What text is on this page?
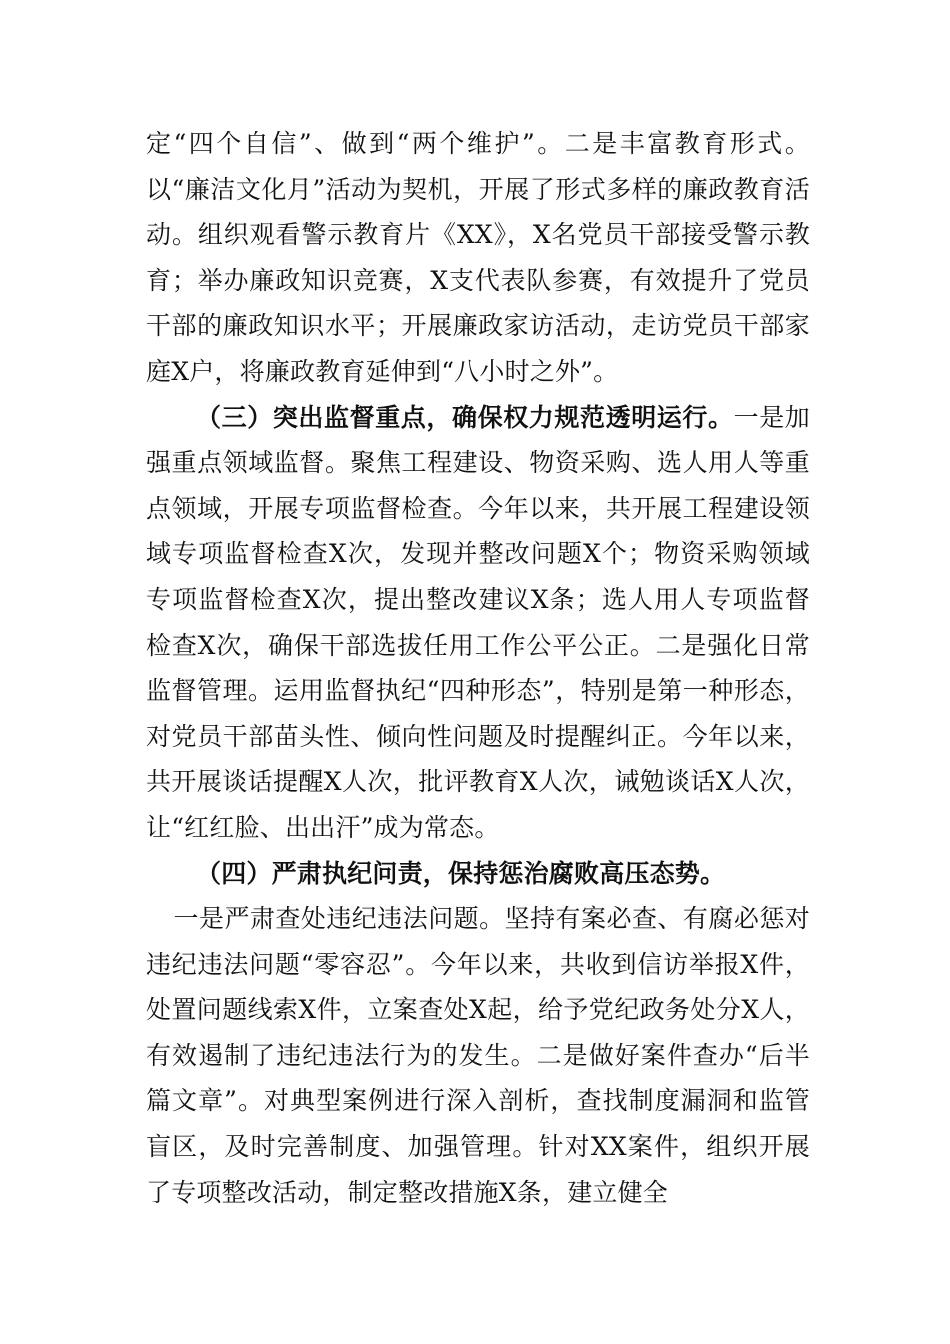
定“四个自信”、做到“两个维护”。二是丰富教育形式。以“廉洁文化月”活动为契机，开展了形式多样的廉政教育活动。组织观看警示教育片《XX》，X名党员干部接受警示教育；举办廉政知识竞赛，X支代表队参赛，有效提升了党员干部的廉政知识水平；开展廉政家访活动，走访党员干部家庭X户，将廉政教育延伸到“八小时之外”。

（三）突出监督重点，确保权力规范透明运行。一是加强重点领域监督。聚焦工程建设、物资采购、选人用人等重点领域，开展专项监督检查。今年以来，共开展工程建设领域专项监督检查X次，发现并整改问题X个；物资采购领域专项监督检查X次，提出整改建议X条；选人用人专项监督检查X次，确保干部选拔任用工作公平公正。二是强化日常监督管理。运用监督执纪“四种形态”，特别是第一种形态，对党员干部苗头性、倾向性问题及时提醒纠正。今年以来，共开展谈话提醒X人次，批评教育X人次，诫勉谈话X人次，让“红红脸、出出汗”成为常态。

（四）严肃执纪问责，保持惩治腐败高压态势。

一是严肃查处违纪违法问题。坚持有案必查、有腐必惩对违纪违法问题“零容忍”。今年以来，共收到信访举报X件，处置问题线索X件，立案查处X起，给予党纪政务处分X人，有效遏制了违纪违法行为的发生。二是做好案件查办“后半篇文章”。对典型案例进行深入剖析，查找制度漏洞和监管盲区，及时完善制度、加强管理。针对XX案件，组织开展了专项整改活动，制定整改措施X条，建立健全
